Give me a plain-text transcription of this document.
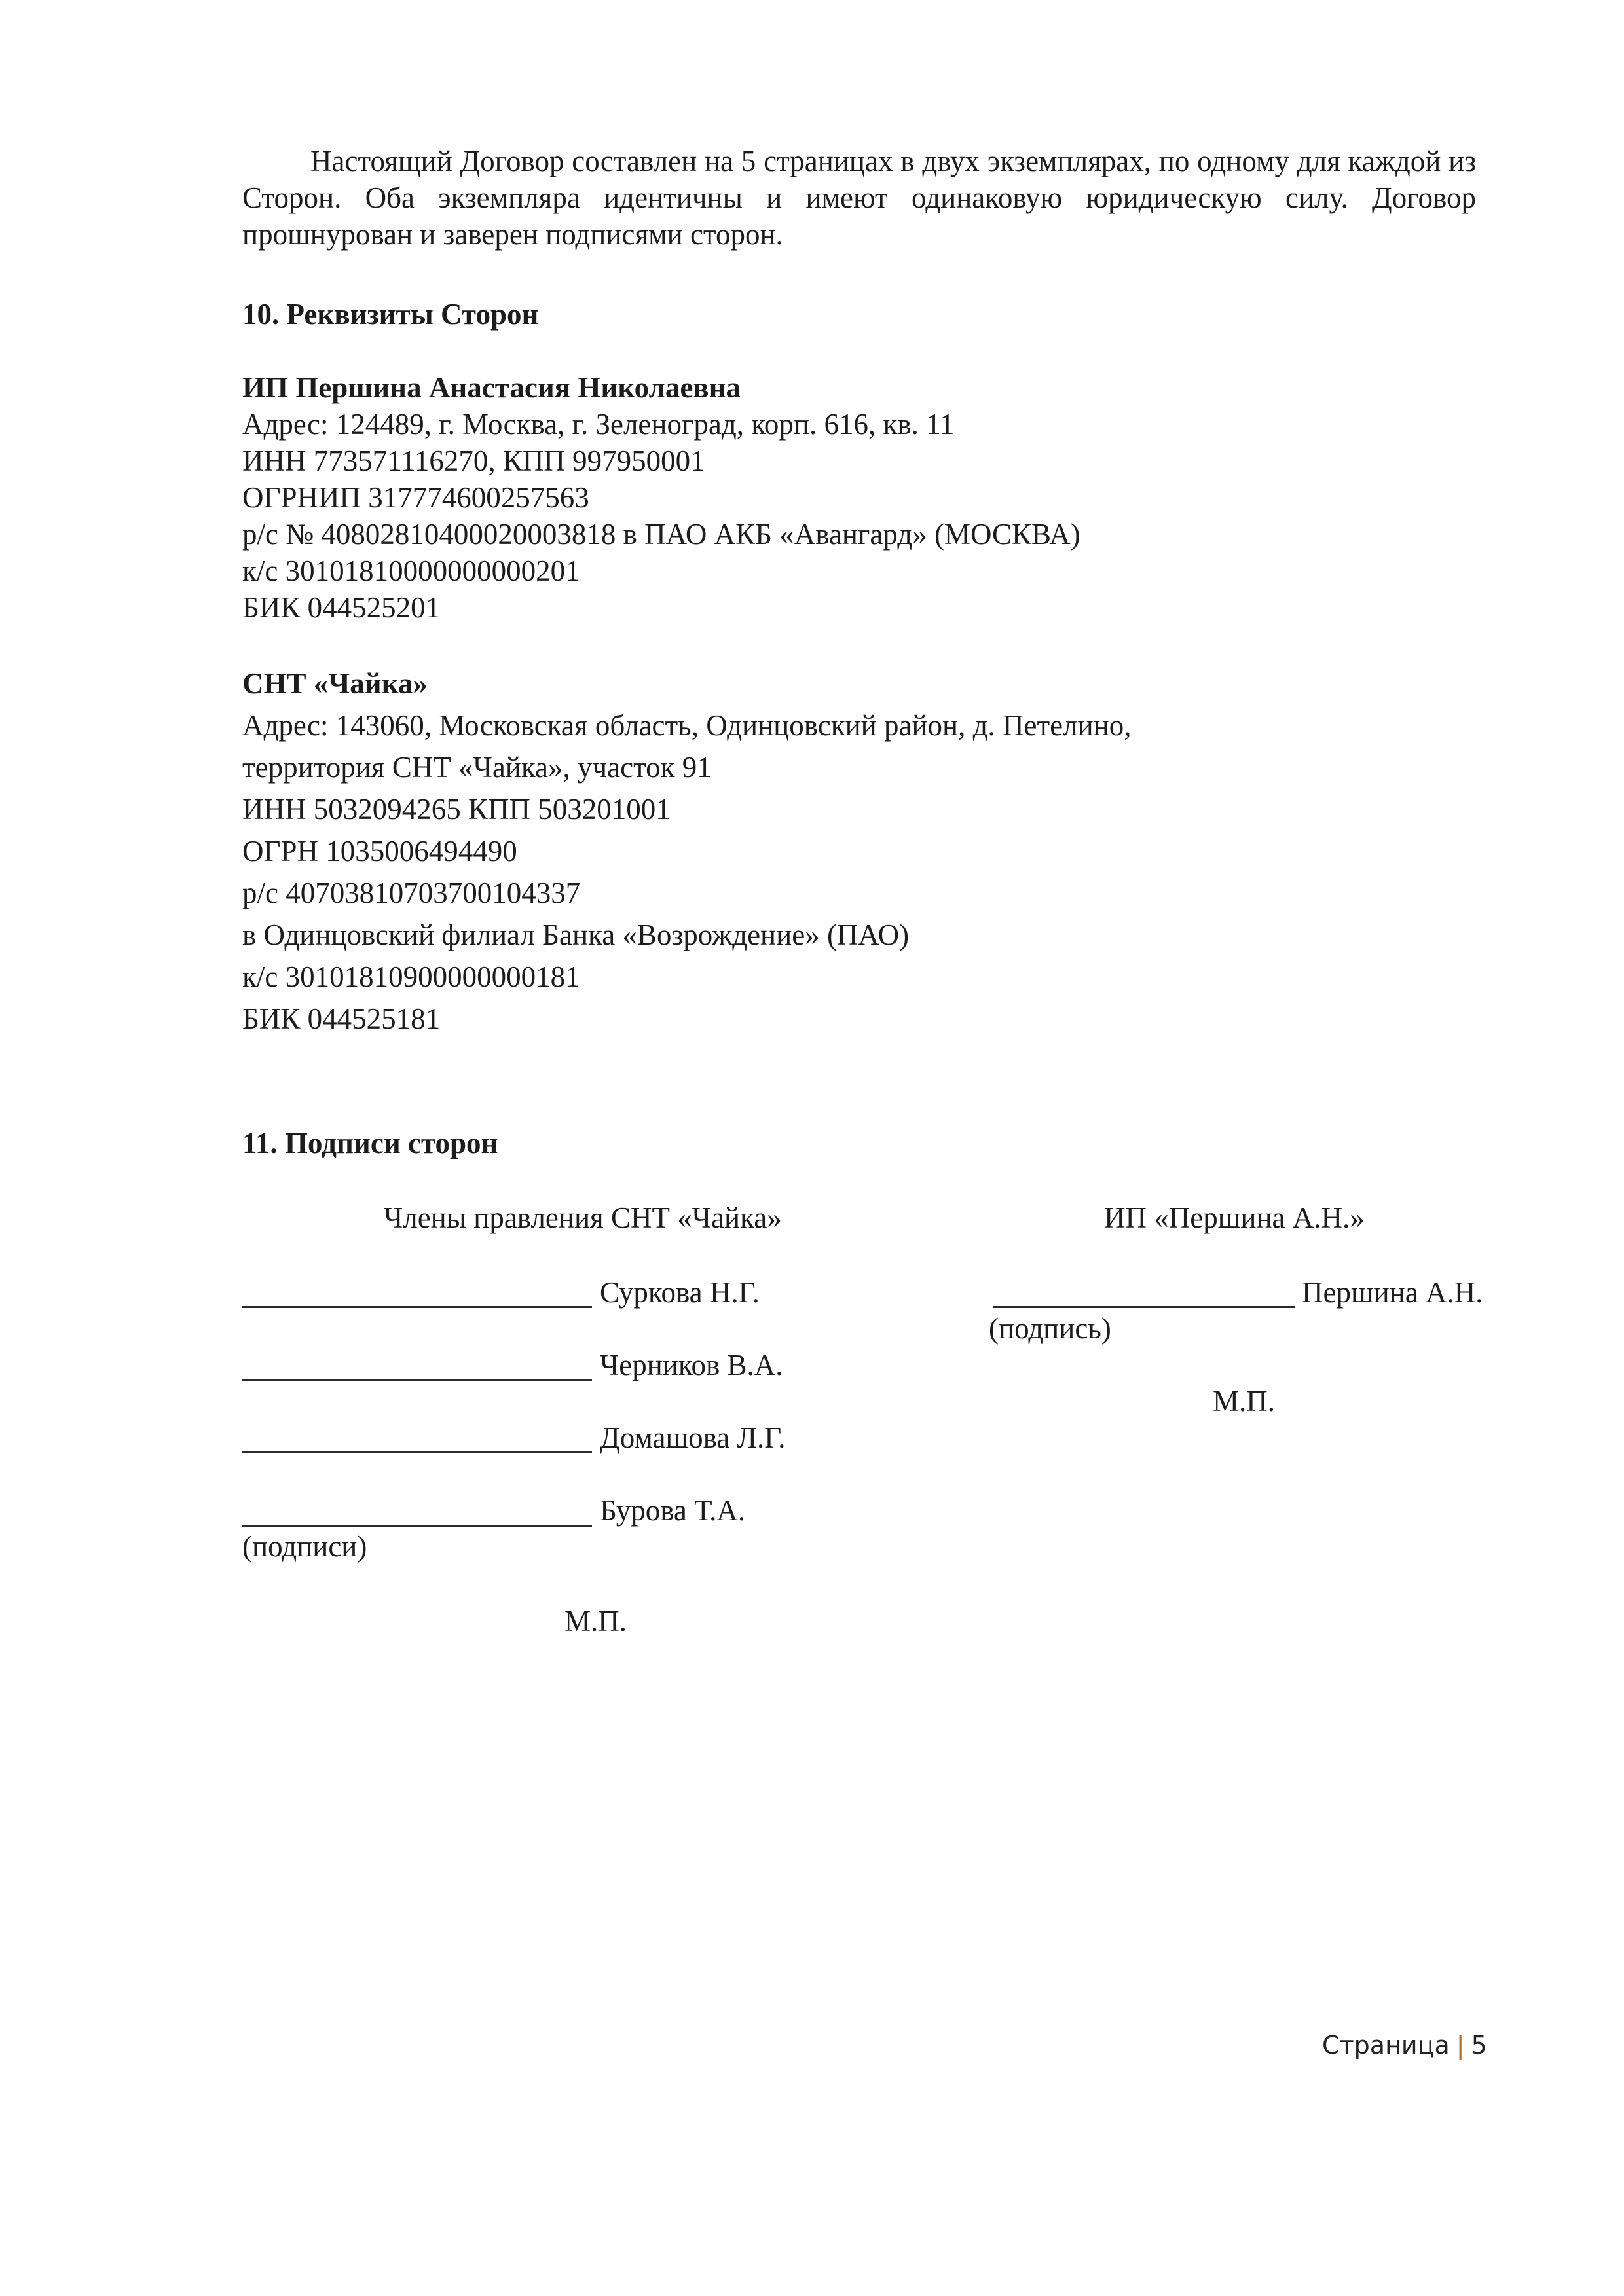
Настоящий Договор составлен на 5 страницах в двух экземплярах, по одному для каждой из Сторон. Оба экземпляра идентичны и имеют одинаковую юридическую силу. Договор прошнурован и заверен подписями сторон.
10. Реквизиты Сторон
ИП Першина Анастасия Николаевна
Адрес: 124489, г. Москва, г. Зеленоград, корп. 616, кв. 11
ИНН 773571116270, КПП 997950001
ОГРНИП 317774600257563
р/с № 40802810400020003818 в ПАО АКБ «Авангард» (МОСКВА)
к/с 30101810000000000201
БИК 044525201
СНТ «Чайка»
Адрес: 143060, Московская область, Одинцовский район, д. Петелино,
территория СНТ «Чайка», участок 91
ИНН 5032094265 КПП 503201001
ОГРН 1035006494490
р/с 40703810703700104337
в Одинцовский филиал Банка «Возрождение» (ПАО)
к/с 30101810900000000181
БИК 044525181
11. Подписи сторон
Члены правления СНТ «Чайка»	ИП «Першина А.Н.»
Суркова Н.Г.
Черников В.А.
Домашова Л.Г.
Бурова Т.А.
(подписи)
М.П.
Першина А.Н.
(подпись)
М.П.
Страница | 5
